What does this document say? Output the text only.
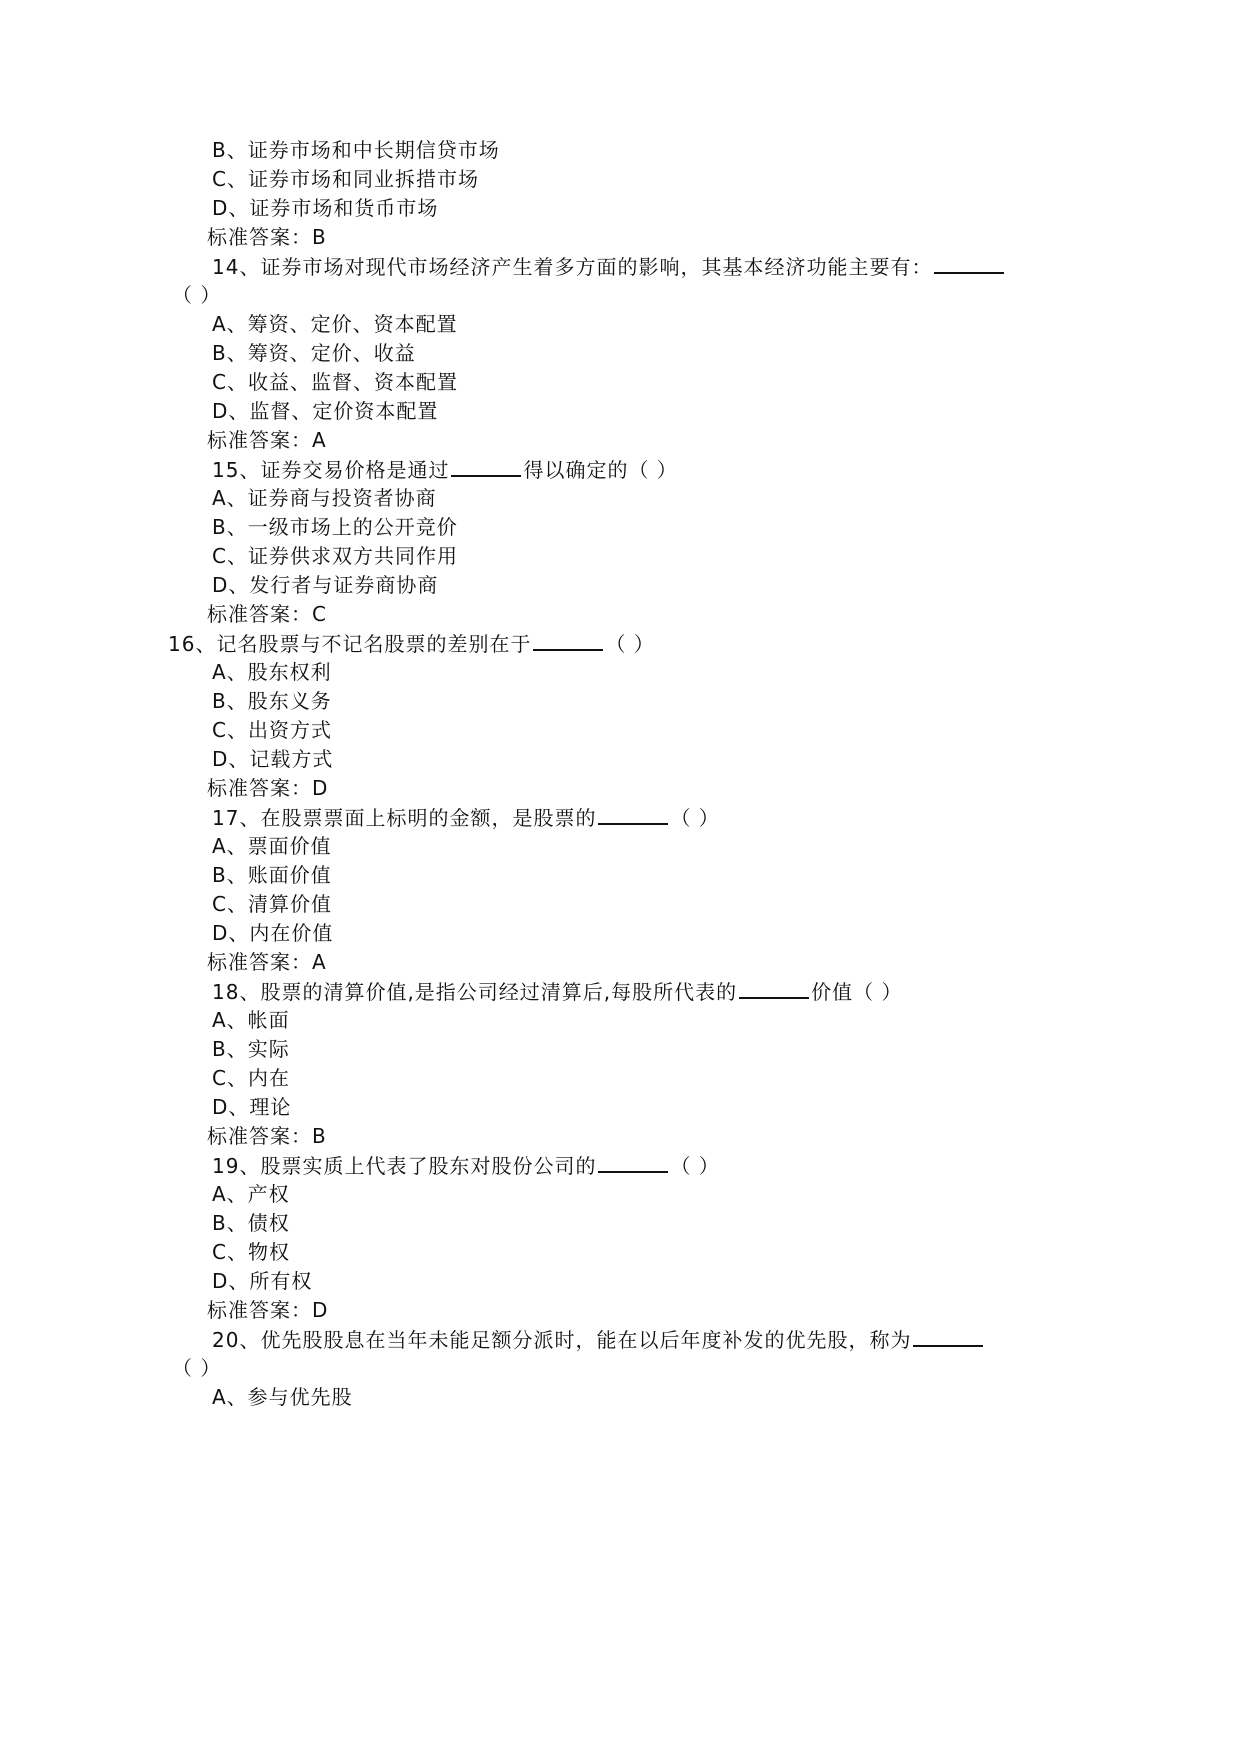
B、证券市场和中长期信贷市场
C、证券市场和同业拆措市场
D、证券市场和货币市场
标准答案：B
14、证券市场对现代市场经济产生着多方面的影响，其基本经济功能主要有：
（ ）
A、筹资、定价、资本配置
B、筹资、定价、收益
C、收益、监督、资本配置
D、监督、定价资本配置
标准答案：A
15、证券交易价格是通过	得以确定的（ ）
A、证券商与投资者协商
B、一级市场上的公开竞价
C、证券供求双方共同作用
D、发行者与证券商协商
标准答案：C
16、记名股票与不记名股票的差别在于	（ ）
A、股东权利
B、股东义务
C、出资方式
D、记载方式
标准答案：D
17、在股票票面上标明的金额，是股票的	（ ）
A、票面价值
B、账面价值
C、清算价值
D、内在价值
标准答案：A
18、股票的清算价值,是指公司经过清算后,每股所代表的	价值（ ）
A、帐面
B、实际
C、内在
D、理论
标准答案：B
19、股票实质上代表了股东对股份公司的	（ ）
A、产权
B、债权
C、物权
D、所有权
标准答案：D
20、优先股股息在当年未能足额分派时，能在以后年度补发的优先股，称为
（ ）
A、参与优先股
